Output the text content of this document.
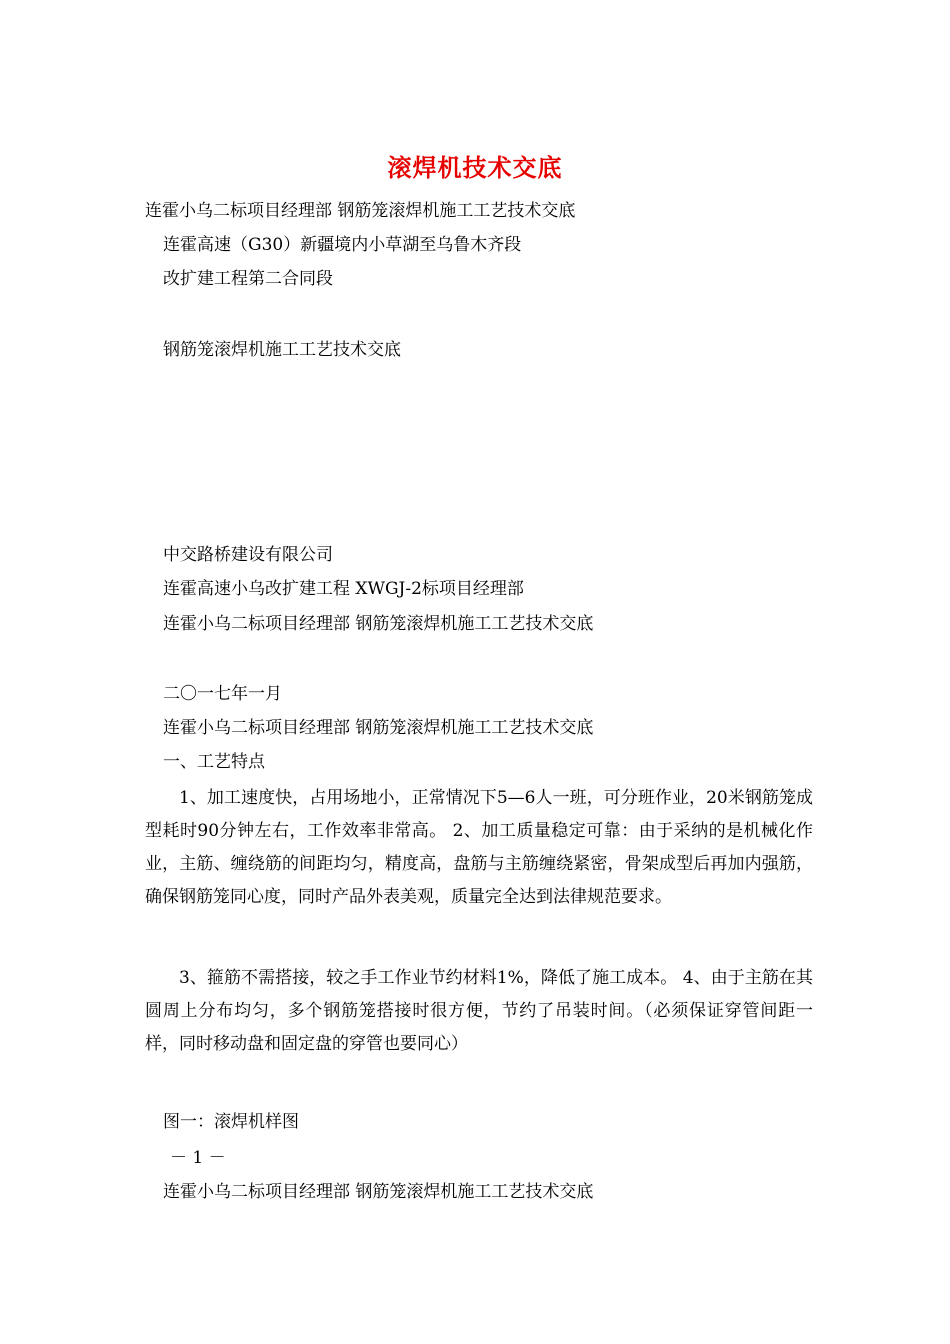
滚焊机技术交底
连霍小乌二标项目经理部 钢筋笼滚焊机施工工艺技术交底
连霍高速（G30）新疆境内小草湖至乌鲁木齐段
改扩建工程第二合同段
钢筋笼滚焊机施工工艺技术交底
中交路桥建设有限公司
连霍高速小乌改扩建工程 XWGJ-2标项目经理部
连霍小乌二标项目经理部 钢筋笼滚焊机施工工艺技术交底
二〇一七年一月
连霍小乌二标项目经理部 钢筋笼滚焊机施工工艺技术交底
一、工艺特点

1、加工速度快，占用场地小，正常情况下5—6人一班，可分班作业，20米钢筋笼成型耗时90分钟左右，工作效率非常高。 2、加工质量稳定可靠：由于采纳的是机械化作业，主筋、缠绕筋的间距均匀，精度高，盘筋与主筋缠绕紧密，骨架成型后再加内强筋，确保钢筋笼同心度，同时产品外表美观，质量完全达到法律规范要求。

3、箍筋不需搭接，较之手工作业节约材料1%，降低了施工成本。 4、由于主筋在其圆周上分布均匀，多个钢筋笼搭接时很方便，节约了吊装时间。（必须保证穿管间距一样，同时移动盘和固定盘的穿管也要同心）

图一：滚焊机样图
－ 1 －
连霍小乌二标项目经理部 钢筋笼滚焊机施工工艺技术交底
